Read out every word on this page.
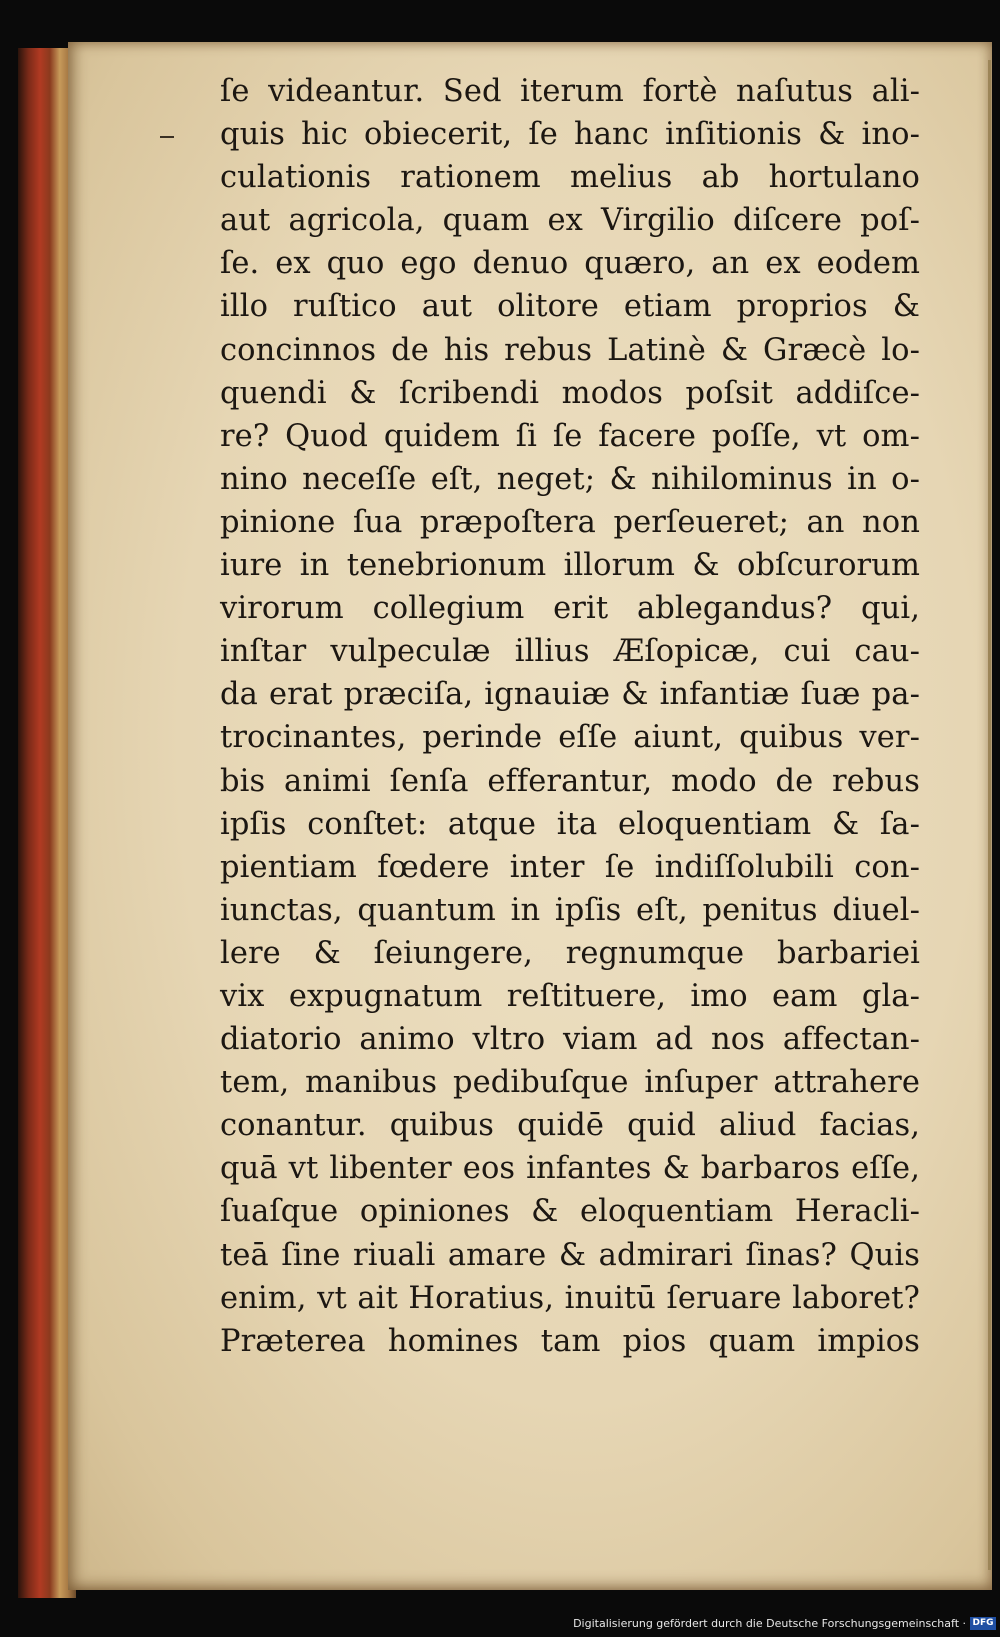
ſe videantur. Sed iterum fortè naſutus ali-
quis hic obiecerit, ſe hanc inſitionis & ino-
culationis rationem melius ab hortulano
aut agricola, quam ex Virgilio diſcere poſ-
ſe. ex quo ego denuo quæro, an ex eodem
illo ruſtico aut olitore etiam proprios &
concinnos de his rebus Latinè & Græcè lo-
quendi & ſcribendi modos poſsit addiſce-
re? Quod quidem ſi ſe facere poſſe, vt om-
nino neceſſe eſt, neget; & nihilominus in o-
pinione ſua præpoſtera perſeueret; an non
iure in tenebrionum illorum & obſcurorum
virorum collegium erit ablegandus? qui,
inſtar vulpeculæ illius Æſopicæ, cui cau-
da erat præciſa, ignauiæ & infantiæ ſuæ pa-
trocinantes, perinde eſſe aiunt, quibus ver-
bis animi ſenſa efferantur, modo de rebus
ipſis conſtet: atque ita eloquentiam & ſa-
pientiam fœdere inter ſe indiſſolubili con-
iunctas, quantum in ipſis eſt, penitus diuel-
lere & ſeiungere, regnumque barbariei
vix expugnatum reſtituere, imo eam gla-
diatorio animo vltro viam ad nos affectan-
tem, manibus pedibuſque inſuper attrahere
conantur. quibus quidē quid aliud facias,
quā vt libenter eos infantes & barbaros eſſe,
ſuaſque opiniones & eloquentiam Heracli-
teā ſine riuali amare & admirari ſinas? Quis
enim, vt ait Horatius, inuitū ſeruare laboret?
Præterea homines tam pios quam impios
Digitalisierung gefördert durch die Deutsche Forschungsgemeinschaft · DFG
